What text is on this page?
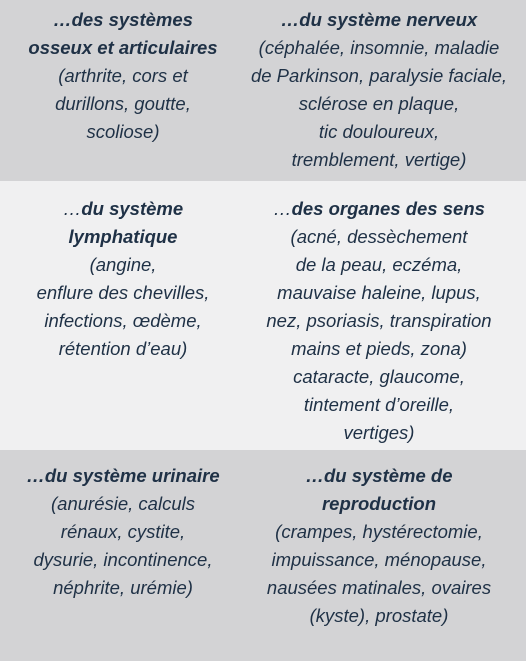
…des systèmes
osseux et articulaires
(arthrite, cors et
durillons, goutte,
scoliose)
…du système nerveux
(céphalée, insomnie, maladie
de Parkinson, paralysie faciale,
sclérose en plaque,
tic douloureux,
tremblement, vertige)
…du système
lymphatique
(angine,
enflure des chevilles,
infections, œdème,
rétention d’eau)
…des organes des sens
(acné, dessèchement
de la peau, eczéma,
mauvaise haleine, lupus,
nez, psoriasis, transpiration
mains et pieds, zona)
cataracte, glaucome,
tintement d’oreille,
vertiges)
…du système urinaire
(anurésie, calculs
rénaux, cystite,
dysurie, incontinence,
néphrite, urémie)
…du système de
reproduction
(crampes, hystérectomie,
impuissance, ménopause,
nausées matinales, ovaires
(kyste), prostate)
